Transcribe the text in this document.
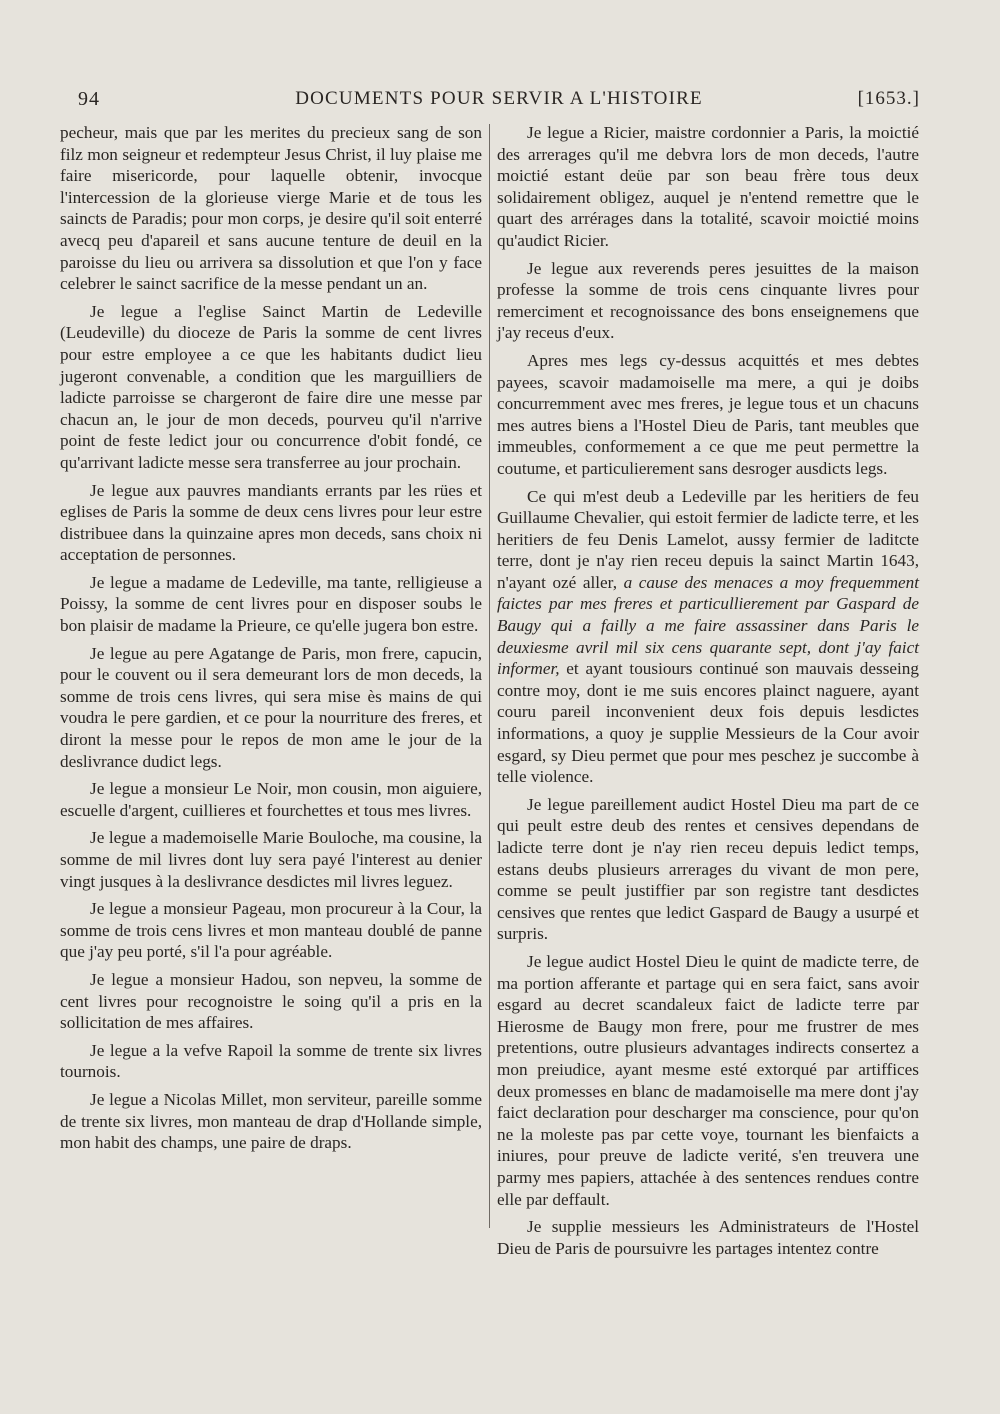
94	DOCUMENTS POUR SERVIR A L'HISTOIRE	[1653.]

pecheur, mais que par les merites du precieux sang de son filz mon seigneur et redempteur Jesus Christ, il luy plaise me faire misericorde, pour laquelle obtenir, invocque l'intercession de la glorieuse vierge Marie et de tous les saincts de Paradis; pour mon corps, je desire qu'il soit enterré avecq peu d'apareil et sans aucune tenture de deuil en la paroisse du lieu ou arrivera sa dissolution et que l'on y face celebrer le sainct sacrifice de la messe pendant un an.

Je legue a l'eglise Sainct Martin de Ledeville (Leudeville) du dioceze de Paris la somme de cent livres pour estre employee a ce que les habitants dudict lieu jugeront convenable, a condition que les marguilliers de ladicte parroisse se chargeront de faire dire une messe par chacun an, le jour de mon deceds, pourveu qu'il n'arrive point de feste ledict jour ou concurrence d'obit fondé, ce qu'arrivant ladicte messe sera transferree au jour prochain.

Je legue aux pauvres mandiants errants par les rües et eglises de Paris la somme de deux cens livres pour leur estre distribuee dans la quinzaine apres mon deceds, sans choix ni acceptation de personnes.

Je legue a madame de Ledeville, ma tante, relligieuse a Poissy, la somme de cent livres pour en disposer soubs le bon plaisir de madame la Prieure, ce qu'elle jugera bon estre.

Je legue au pere Agatange de Paris, mon frere, capucin, pour le couvent ou il sera demeurant lors de mon deceds, la somme de trois cens livres, qui sera mise ès mains de qui voudra le pere gardien, et ce pour la nourriture des freres, et diront la messe pour le repos de mon ame le jour de la deslivrance dudict legs.

Je legue a monsieur Le Noir, mon cousin, mon aiguiere, escuelle d'argent, cuillieres et fourchettes et tous mes livres.

Je legue a mademoiselle Marie Bouloche, ma cousine, la somme de mil livres dont luy sera payé l'interest au denier vingt jusques à la deslivrance desdictes mil livres leguez.

Je legue a monsieur Pageau, mon procureur à la Cour, la somme de trois cens livres et mon manteau doublé de panne que j'ay peu porté, s'il l'a pour agréable.

Je legue a monsieur Hadou, son nepveu, la somme de cent livres pour recognoistre le soing qu'il a pris en la sollicitation de mes affaires.

Je legue a la vefve Rapoil la somme de trente six livres tournois.

Je legue a Nicolas Millet, mon serviteur, pareille somme de trente six livres, mon manteau de drap d'Hollande simple, mon habit des champs, une paire de draps.

Je legue a Ricier, maistre cordonnier a Paris, la moictié des arrerages qu'il me debvra lors de mon deceds, l'autre moictié estant deüe par son beau frère tous deux solidairement obligez, auquel je n'entend remettre que le quart des arrérages dans la totalité, scavoir moictié moins qu'audict Ricier.

Je legue aux reverends peres jesuittes de la maison professe la somme de trois cens cinquante livres pour remerciment et recognoissance des bons enseignemens que j'ay receus d'eux.

Apres mes legs cy-dessus acquittés et mes debtes payees, scavoir madamoiselle ma mere, a qui je doibs concurremment avec mes freres, je legue tous et un chacuns mes autres biens a l'Hostel Dieu de Paris, tant meubles que immeubles, conformement a ce que me peut permettre la coutume, et particulierement sans desroger ausdicts legs.

Ce qui m'est deub a Ledeville par les heritiers de feu Guillaume Chevalier, qui estoit fermier de ladicte terre, et les heritiers de feu Denis Lamelot, aussy fermier de laditcte terre, dont je n'ay rien receu depuis la sainct Martin 1643, n'ayant ozé aller, a cause des menaces a moy frequemment faictes par mes freres et particullierement par Gaspard de Baugy qui a failly a me faire assassiner dans Paris le deuxiesme avril mil six cens quarante sept, dont j'ay faict informer, et ayant tousiours continué son mauvais desseing contre moy, dont ie me suis encores plainct naguere, ayant couru pareil inconvenient deux fois depuis lesdictes informations, a quoy je supplie Messieurs de la Cour avoir esgard, sy Dieu permet que pour mes peschez je succombe à telle violence.

Je legue pareillement audict Hostel Dieu ma part de ce qui peult estre deub des rentes et censives dependans de ladicte terre dont je n'ay rien receu depuis ledict temps, estans deubs plusieurs arrerages du vivant de mon pere, comme se peult justiffier par son registre tant desdictes censives que rentes que ledict Gaspard de Baugy a usurpé et surpris.

Je legue audict Hostel Dieu le quint de madicte terre, de ma portion afferante et partage qui en sera faict, sans avoir esgard au decret scandaleux faict de ladicte terre par Hierosme de Baugy mon frere, pour me frustrer de mes pretentions, outre plusieurs advantages indirects consertez a mon preiudice, ayant mesme esté extorqué par artiffices deux promesses en blanc de madamoiselle ma mere dont j'ay faict declaration pour descharger ma conscience, pour qu'on ne la moleste pas par cette voye, tournant les bienfaicts a iniures, pour preuve de ladicte verité, s'en treuvera une parmy mes papiers, attachée à des sentences rendues contre elle par deffault.

Je supplie messieurs les Administrateurs de l'Hostel Dieu de Paris de poursuivre les partages intentez contre
